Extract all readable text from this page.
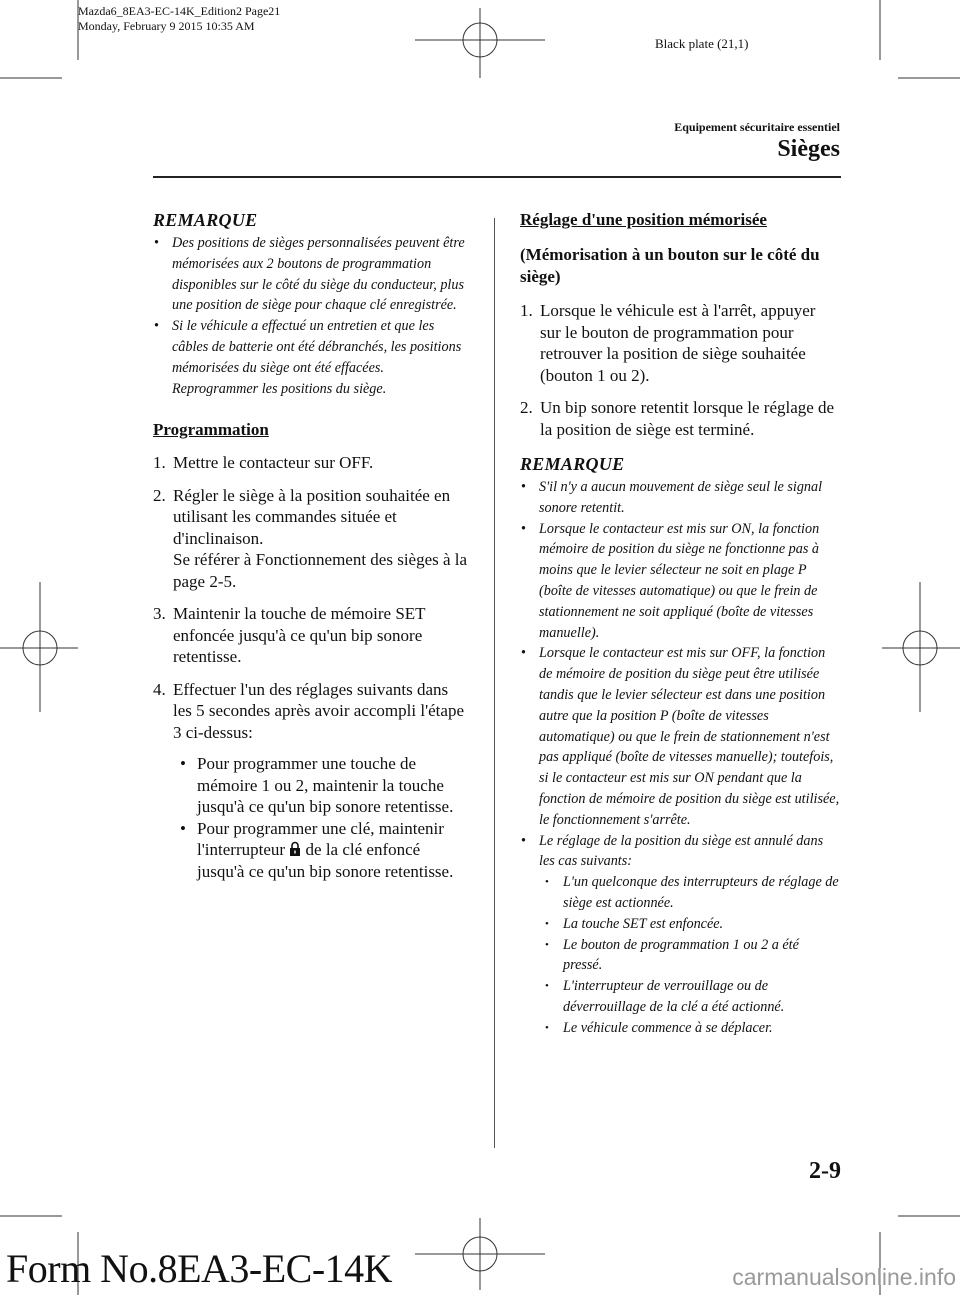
Mazda6_8EA3-EC-14K_Edition2 Page21
Monday, February 9 2015 10:35 AM
Black plate (21,1)
Equipement sécuritaire essentiel
Sièges
REMARQUE
• Des positions de sièges personnalisées peuvent être mémorisées aux 2 boutons de programmation disponibles sur le côté du siège du conducteur, plus une position de siège pour chaque clé enregistrée.
• Si le véhicule a effectué un entretien et que les câbles de batterie ont été débranchés, les positions mémorisées du siège ont été effacées. Reprogrammer les positions du siège.
Programmation
1. Mettre le contacteur sur OFF.
2. Régler le siège à la position souhaitée en utilisant les commandes située et d'inclinaison.
Se référer à Fonctionnement des sièges à la page 2-5.
3. Maintenir la touche de mémoire SET enfoncée jusqu'à ce qu'un bip sonore retentisse.
4. Effectuer l'un des réglages suivants dans les 5 secondes après avoir accompli l'étape 3 ci-dessus:
• Pour programmer une touche de mémoire 1 ou 2, maintenir la touche jusqu'à ce qu'un bip sonore retentisse.
• Pour programmer une clé, maintenir l'interrupteur  de la clé enfoncé jusqu'à ce qu'un bip sonore retentisse.
Réglage d'une position mémorisée
(Mémorisation à un bouton sur le côté du siège)
1. Lorsque le véhicule est à l'arrêt, appuyer sur le bouton de programmation pour retrouver la position de siège souhaitée (bouton 1 ou 2).
2. Un bip sonore retentit lorsque le réglage de la position de siège est terminé.
REMARQUE
• S'il n'y a aucun mouvement de siège seul le signal sonore retentit.
• Lorsque le contacteur est mis sur ON, la fonction mémoire de position du siège ne fonctionne pas à moins que le levier sélecteur ne soit en plage P (boîte de vitesses automatique) ou que le frein de stationnement ne soit appliqué (boîte de vitesses manuelle).
• Lorsque le contacteur est mis sur OFF, la fonction de mémoire de position du siège peut être utilisée tandis que le levier sélecteur est dans une position autre que la position P (boîte de vitesses automatique) ou que le frein de stationnement n'est pas appliqué (boîte de vitesses manuelle); toutefois, si le contacteur est mis sur ON pendant que la fonction de mémoire de position du siège est utilisée, le fonctionnement s'arrête.
• Le réglage de la position du siège est annulé dans les cas suivants:
• L'un quelconque des interrupteurs de réglage de siège est actionnée.
• La touche SET est enfoncée.
• Le bouton de programmation 1 ou 2 a été pressé.
• L'interrupteur de verrouillage ou de déverrouillage de la clé a été actionné.
• Le véhicule commence à se déplacer.
2-9
Form No.8EA3-EC-14K	carmanualsonline.info
